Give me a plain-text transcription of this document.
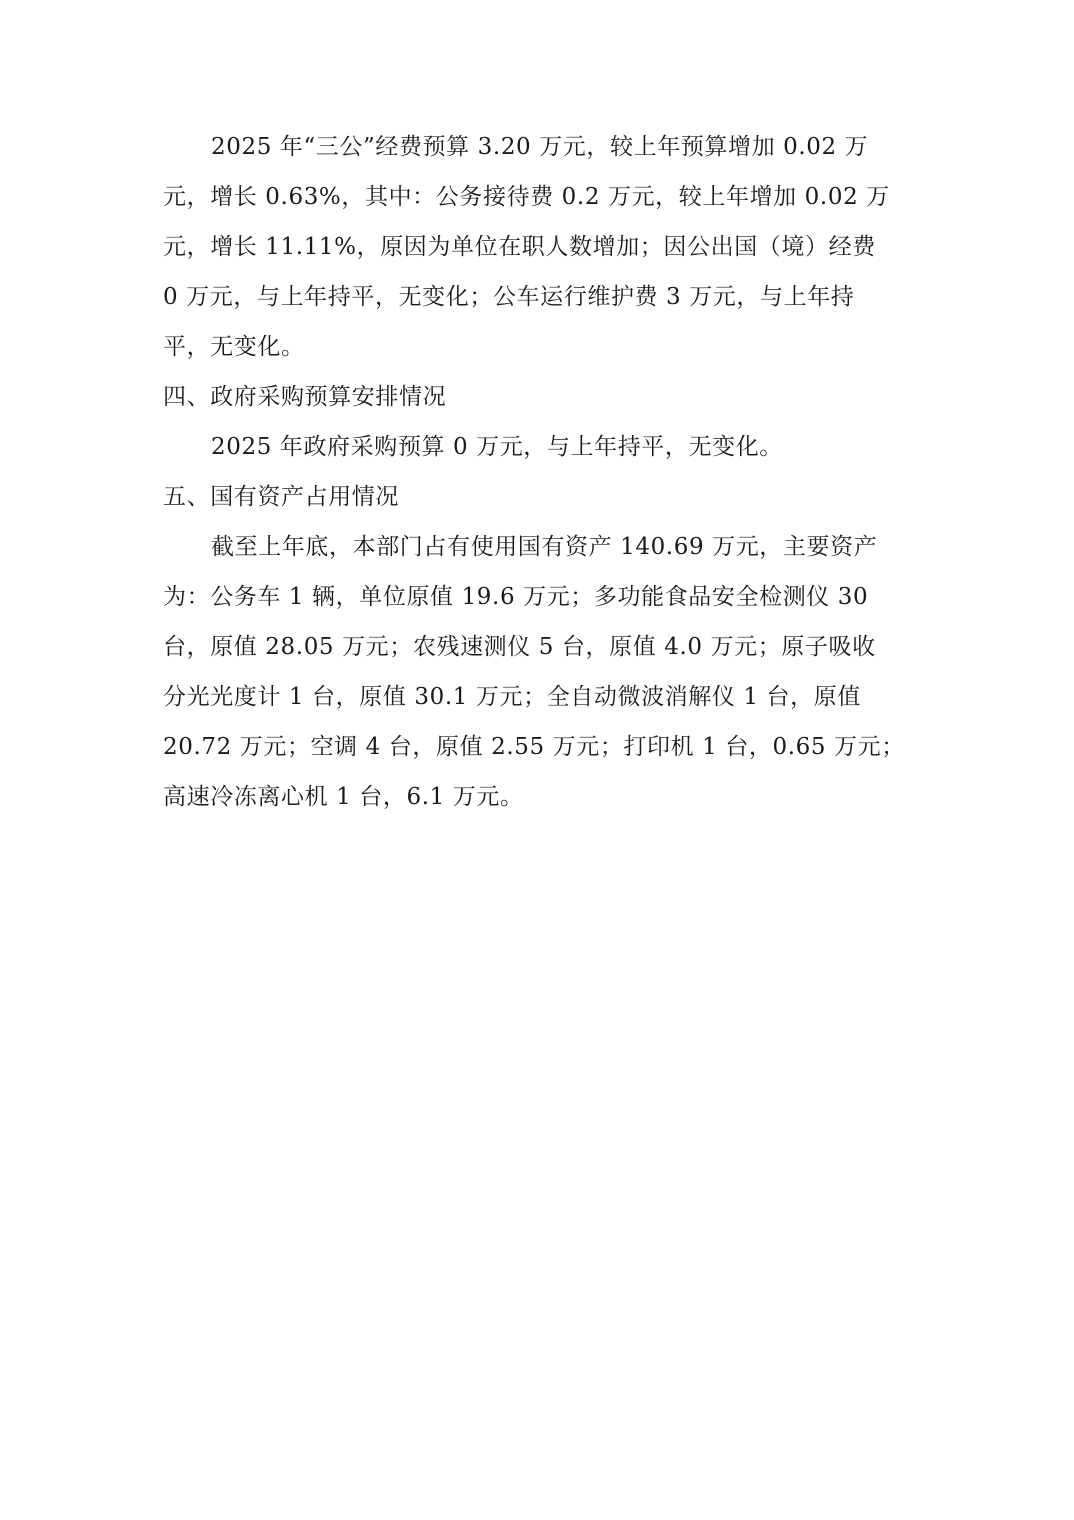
2025 年“三公”经费预算 3.20 万元，较上年预算增加 0.02 万
元，增长 0.63%，其中：公务接待费 0.2 万元，较上年增加 0.02 万
元，增长 11.11%，原因为单位在职人数增加；因公出国（境）经费
0 万元，与上年持平，无变化；公车运行维护费 3 万元，与上年持
平，无变化。
四、政府采购预算安排情况
2025 年政府采购预算 0 万元，与上年持平，无变化。
五、国有资产占用情况
截至上年底，本部门占有使用国有资产 140.69 万元，主要资产
为：公务车 1 辆，单位原值 19.6 万元；多功能食品安全检测仪 30
台，原值 28.05 万元；农残速测仪 5 台，原值 4.0 万元；原子吸收
分光光度计 1 台，原值 30.1 万元；全自动微波消解仪 1 台，原值
20.72 万元；空调 4 台，原值 2.55 万元；打印机 1 台，0.65 万元；
高速冷冻离心机 1 台，6.1 万元。
